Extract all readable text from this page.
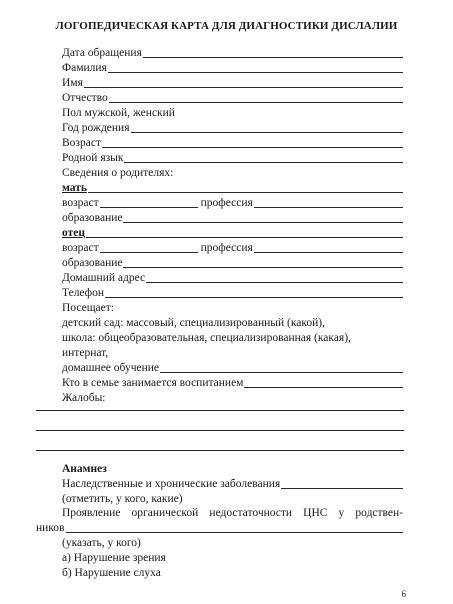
ЛОГОПЕДИЧЕСКАЯ КАРТА ДЛЯ ДИАГНОСТИКИ ДИСЛАЛИИ
Дата обращения
Фамилия
Имя
Отчество
Пол мужской, женский
Год рождения
Возраст
Родной язык
Сведения о родителях:
мать
возраст	профессия
образование
отец
возраст	профессия
образование
Домашний адрес
Телефон
Посещает:
детский сад: массовый, специализированный (какой),
школа: общеобразовательная, специализированная (какая),
интернат,
домашнее обучение
Кто в семье занимается воспитанием
Жалобы:
Анамнез
Наследственные и хронические заболевания
(отметить, у кого, какие)
Проявление органической недостаточности ЦНС у родствен-
ников
(указать, у кого)
а) Нарушение зрения
б) Нарушение слуха
6
